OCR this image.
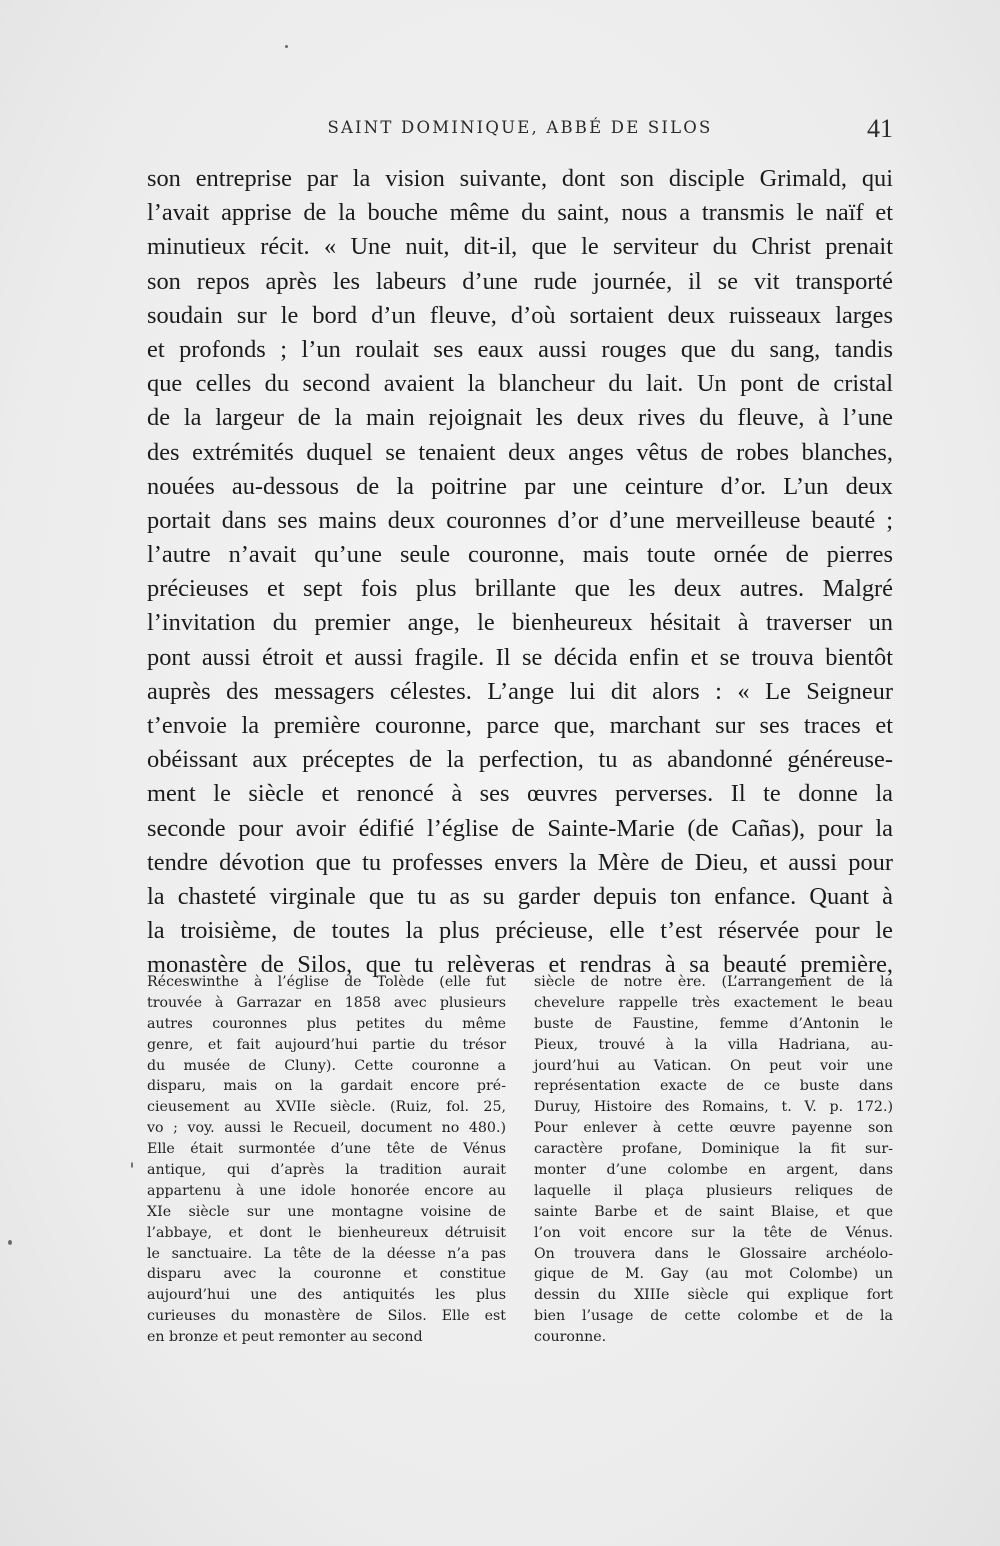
SAINT DOMINIQUE, ABBÉ DE SILOS	41
son entreprise par la vision suivante, dont son disciple Grimald, qui
l’avait apprise de la bouche même du saint, nous a transmis le naïf et
minutieux récit. « Une nuit, dit-il, que le serviteur du Christ prenait
son repos après les labeurs d’une rude journée, il se vit transporté
soudain sur le bord d’un fleuve, d’où sortaient deux ruisseaux larges
et profonds ; l’un roulait ses eaux aussi rouges que du sang, tandis
que celles du second avaient la blancheur du lait. Un pont de cristal
de la largeur de la main rejoignait les deux rives du fleuve, à l’une
des extrémités duquel se tenaient deux anges vêtus de robes blanches,
nouées au-dessous de la poitrine par une ceinture d’or. L’un deux
portait dans ses mains deux couronnes d’or d’une merveilleuse beauté ;
l’autre n’avait qu’une seule couronne, mais toute ornée de pierres
précieuses et sept fois plus brillante que les deux autres. Malgré
l’invitation du premier ange, le bienheureux hésitait à traverser un
pont aussi étroit et aussi fragile. Il se décida enfin et se trouva bientôt
auprès des messagers célestes. L’ange lui dit alors : « Le Seigneur
t’envoie la première couronne, parce que, marchant sur ses traces et
obéissant aux préceptes de la perfection, tu as abandonné généreuse-
ment le siècle et renoncé à ses œuvres perverses. Il te donne la
seconde pour avoir édifié l’église de Sainte-Marie (de Cañas), pour la
tendre dévotion que tu professes envers la Mère de Dieu, et aussi pour
la chasteté virginale que tu as su garder depuis ton enfance. Quant à
la troisième, de toutes la plus précieuse, elle t’est réservée pour le
monastère de Silos, que tu relèveras et rendras à sa beauté première,
Réceswinthe à l’église de Tolède (elle fut
trouvée à Garrazar en 1858 avec plusieurs
autres couronnes plus petites du même
genre, et fait aujourd’hui partie du trésor
du musée de Cluny). Cette couronne a
disparu, mais on la gardait encore pré-
cieusement au XVIIe siècle. (Ruiz, fol. 25,
vo ; voy. aussi le Recueil, document no 480.)
Elle était surmontée d’une tête de Vénus
antique, qui d’après la tradition aurait
appartenu à une idole honorée encore au
XIe siècle sur une montagne voisine de
l’abbaye, et dont le bienheureux détruisit
le sanctuaire. La tête de la déesse n’a pas
disparu avec la couronne et constitue
aujourd’hui une des antiquités les plus
curieuses du monastère de Silos. Elle est
en bronze et peut remonter au second
siècle de notre ère. (L’arrangement de la
chevelure rappelle très exactement le beau
buste de Faustine, femme d’Antonin le
Pieux, trouvé à la villa Hadriana, au-
jourd’hui au Vatican. On peut voir une
représentation exacte de ce buste dans
Duruy, Histoire des Romains, t. V. p. 172.)
Pour enlever à cette œuvre payenne son
caractère profane, Dominique la fit sur-
monter d’une colombe en argent, dans
laquelle il plaça plusieurs reliques de
sainte Barbe et de saint Blaise, et que
l’on voit encore sur la tête de Vénus.
On trouvera dans le Glossaire archéolo-
gique de M. Gay (au mot Colombe) un
dessin du XIIIe siècle qui explique fort
bien l’usage de cette colombe et de la
couronne.
